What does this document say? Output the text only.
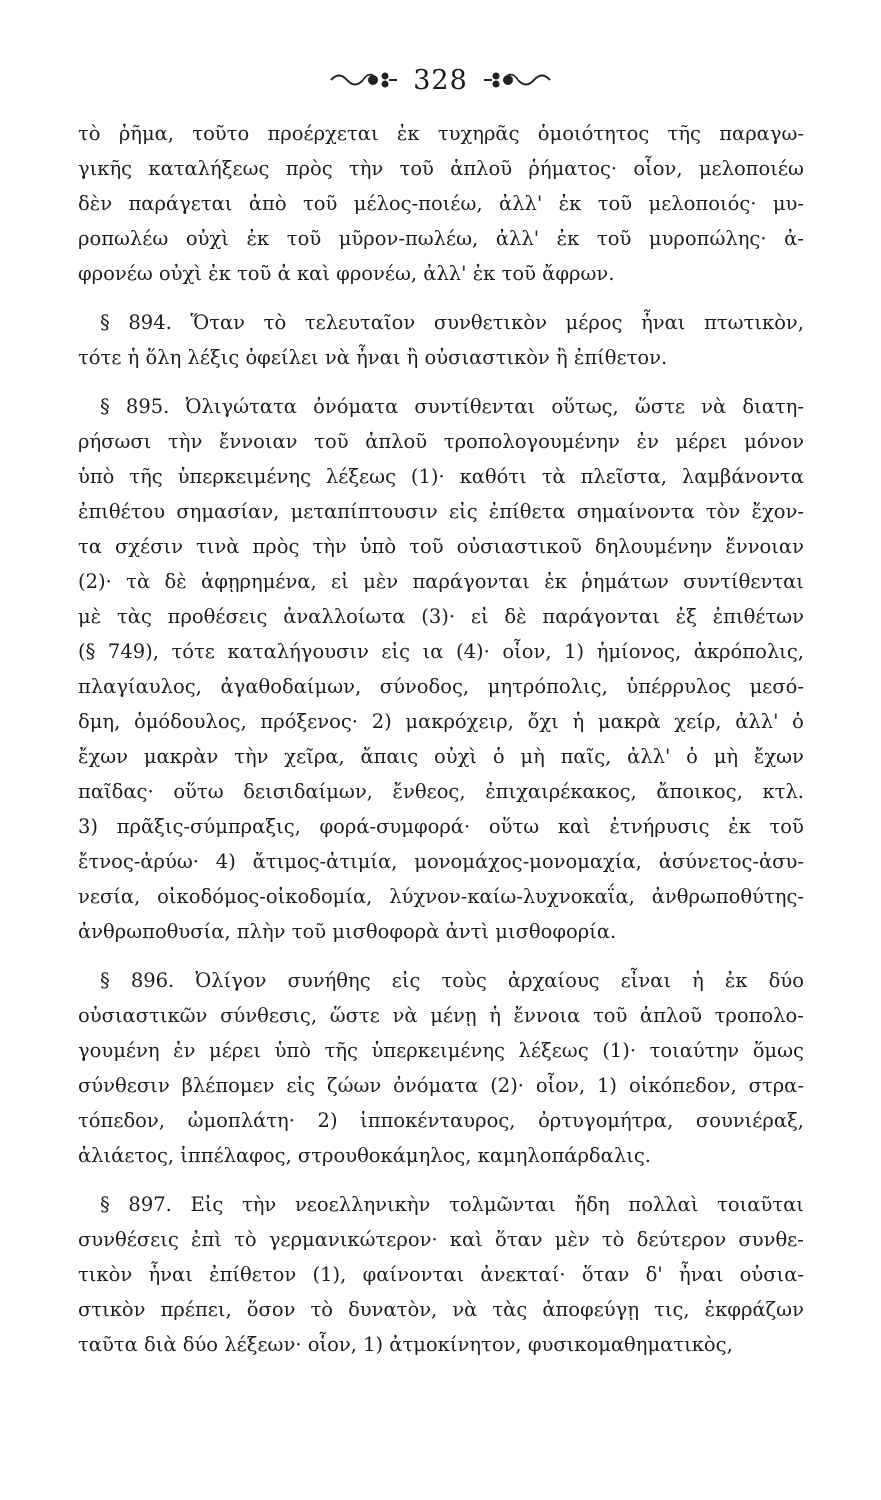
328
τὸ ῥῆμα, τοῦτο προέρχεται ἐκ τυχηρᾶς ὁμοιότητος τῆς παραγω-
γικῆς καταλήξεως πρὸς τὴν τοῦ ἁπλοῦ ῥήματος· οἷον, μελοποιέω
δὲν παράγεται ἀπὸ τοῦ μέλος-ποιέω, ἀλλ' ἐκ τοῦ μελοποιός· μυ-
ροπωλέω οὐχὶ ἐκ τοῦ μῦρον-πωλέω, ἀλλ' ἐκ τοῦ μυροπώλης· ἀ-
φρονέω οὐχὶ ἐκ τοῦ ἀ καὶ φρονέω, ἀλλ' ἐκ τοῦ ἄφρων.
§ 894. Ὅταν τὸ τελευταῖον συνθετικὸν μέρος ἦναι πτωτικὸν,
τότε ἡ ὅλη λέξις ὀφείλει νὰ ἦναι ἢ οὐσιαστικὸν ἢ ἐπίθετον.
§ 895. Ὀλιγώτατα ὀνόματα συντίθενται οὕτως, ὥστε νὰ διατη-
ρήσωσι τὴν ἔννοιαν τοῦ ἁπλοῦ τροπολογουμένην ἐν μέρει μόνον
ὑπὸ τῆς ὑπερκειμένης λέξεως (1)· καθότι τὰ πλεῖστα, λαμβάνοντα
ἐπιθέτου σημασίαν, μεταπίπτουσιν εἰς ἐπίθετα σημαίνοντα τὸν ἔχον-
τα σχέσιν τινὰ πρὸς τὴν ὑπὸ τοῦ οὐσιαστικοῦ δηλουμένην ἔννοιαν
(2)· τὰ δὲ ἀφῃρημένα, εἰ μὲν παράγονται ἐκ ῥημάτων συντίθενται
μὲ τὰς προθέσεις ἀναλλοίωτα (3)· εἰ δὲ παράγονται ἐξ ἐπιθέτων
(§ 749), τότε καταλήγουσιν εἰς ια (4)· οἷον, 1) ἡμίονος, ἀκρόπολις,
πλαγίαυλος, ἀγαθοδαίμων, σύνοδος, μητρόπολις, ὑπέρρυλος μεσό-
δμη, ὁμόδουλος, πρόξενος· 2) μακρόχειρ, ὄχι ἡ μακρὰ χείρ, ἀλλ' ὁ
ἔχων μακρὰν τὴν χεῖρα, ἄπαις οὐχὶ ὁ μὴ παῖς, ἀλλ' ὁ μὴ ἔχων
παῖδας· οὕτω δεισιδαίμων, ἔνθεος, ἐπιχαιρέκακος, ἄποικος, κτλ.
3) πρᾶξις-σύμπραξις, φορά-συμφορά· οὕτω καὶ ἐτνήρυσις ἐκ τοῦ
ἔτνος-ἀρύω· 4) ἄτιμος-ἀτιμία, μονομάχος-μονομαχία, ἀσύνετος-ἀσυ-
νεσία, οἰκοδόμος-οἰκοδομία, λύχνον-καίω-λυχνοκαΐα, ἀνθρωποθύτης-
ἀνθρωποθυσία, πλὴν τοῦ μισθοφορὰ ἀντὶ μισθοφορία.
§ 896. Ὀλίγον συνήθης εἰς τοὺς ἀρχαίους εἶναι ἡ ἐκ δύο
οὐσιαστικῶν σύνθεσις, ὥστε νὰ μένῃ ἡ ἔννοια τοῦ ἁπλοῦ τροπολο-
γουμένη ἐν μέρει ὑπὸ τῆς ὑπερκειμένης λέξεως (1)· τοιαύτην ὅμως
σύνθεσιν βλέπομεν εἰς ζώων ὀνόματα (2)· οἷον, 1) οἰκόπεδον, στρα-
τόπεδον, ὠμοπλάτη· 2) ἱπποκένταυρος, ὀρτυγομήτρα, σουνιέραξ,
ἁλιάετος, ἱππέλαφος, στρουθοκάμηλος, καμηλοπάρδαλις.
§ 897. Εἰς τὴν νεοελληνικὴν τολμῶνται ἤδη πολλαὶ τοιαῦται
συνθέσεις ἐπὶ τὸ γερμανικώτερον· καὶ ὅταν μὲν τὸ δεύτερον συνθε-
τικὸν ἦναι ἐπίθετον (1), φαίνονται ἀνεκταί· ὅταν δ' ἦναι οὐσια-
στικὸν πρέπει, ὅσον τὸ δυνατὸν, νὰ τὰς ἀποφεύγῃ τις, ἐκφράζων
ταῦτα διὰ δύο λέξεων· οἷον, 1) ἀτμοκίνητον, φυσικομαθηματικὸς,
